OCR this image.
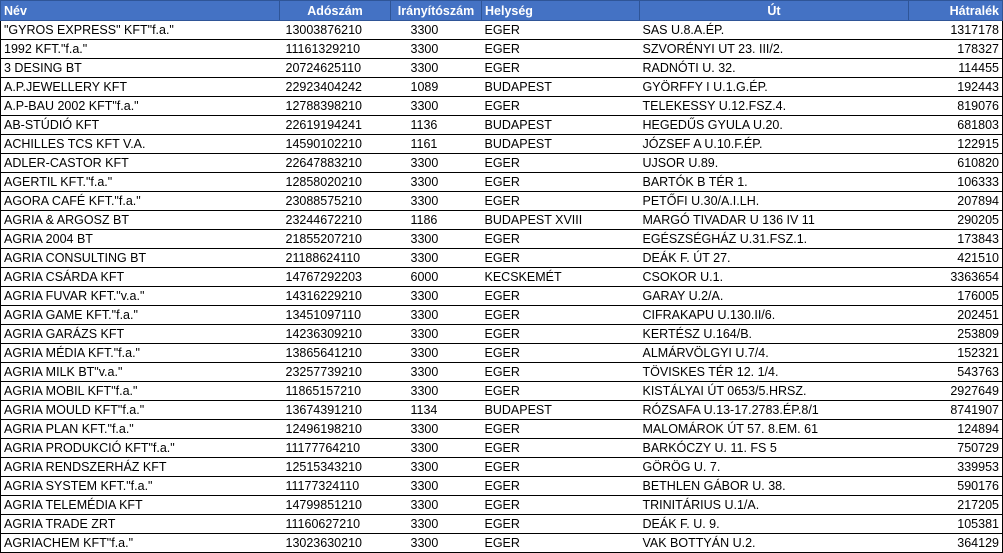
Név	Adószám	Irányítószám	Helység	Út	Hátralék
"GYROS EXPRESS" KFT"f.a."	13003876210	3300	EGER	SAS U.8.A.ÉP.	1317178
1992 KFT."f.a."	11161329210	3300	EGER	SZVORÉNYI UT 23. III/2.	178327
3 DESING BT	20724625110	3300	EGER	RADNÓTI U. 32.	114455
A.P.JEWELLERY KFT	22923404242	1089	BUDAPEST	GYÖRFFY I U.1.G.ÉP.	192443
A.P-BAU 2002 KFT"f.a."	12788398210	3300	EGER	TELEKESSY U.12.FSZ.4.	819076
AB-STÚDIÓ KFT	22619194241	1136	BUDAPEST	HEGEDŰS GYULA U.20.	681803
ACHILLES TCS KFT V.A.	14590102210	1161	BUDAPEST	JÓZSEF A U.10.F.ÉP.	122915
ADLER-CASTOR KFT	22647883210	3300	EGER	UJSOR U.89.	610820
AGERTIL KFT."f.a."	12858020210	3300	EGER	BARTÓK B TÉR 1.	106333
AGORA CAFÉ KFT."f.a."	23088575210	3300	EGER	PETŐFI U.30/A.I.LH.	207894
AGRIA & ARGOSZ BT	23244672210	1186	BUDAPEST XVIII	MARGÓ TIVADAR U 136 IV 11	290205
AGRIA 2004 BT	21855207210	3300	EGER	EGÉSZSÉGHÁZ U.31.FSZ.1.	173843
AGRIA CONSULTING BT	21188624110	3300	EGER	DEÁK F. ÚT 27.	421510
AGRIA CSÁRDA KFT	14767292203	6000	KECSKEMÉT	CSOKOR U.1.	3363654
AGRIA FUVAR KFT."v.a."	14316229210	3300	EGER	GARAY U.2/A.	176005
AGRIA GAME KFT."f.a."	13451097110	3300	EGER	CIFRAKAPU U.130.II/6.	202451
AGRIA GARÁZS KFT	14236309210	3300	EGER	KERTÉSZ U.164/B.	253809
AGRIA MÉDIA KFT."f.a."	13865641210	3300	EGER	ALMÁRVÖLGYI U.7/4.	152321
AGRIA MILK BT"v.a."	23257739210	3300	EGER	TÖVISKES TÉR 12. 1/4.	543763
AGRIA MOBIL KFT"f.a."	11865157210	3300	EGER	KISTÁLYAI ÚT 0653/5.HRSZ.	2927649
AGRIA MOULD KFT"f.a."	13674391210	1134	BUDAPEST	RÓZSAFA U.13-17.2783.ÉP.8/1	8741907
AGRIA PLAN KFT."f.a."	12496198210	3300	EGER	MALOMÁROK ÚT 57. 8.EM. 61	124894
AGRIA PRODUKCIÓ KFT"f.a."	11177764210	3300	EGER	BARKÓCZY U. 11. FS 5	750729
AGRIA RENDSZERHÁZ KFT	12515343210	3300	EGER	GÖRÖG U. 7.	339953
AGRIA SYSTEM KFT."f.a."	11177324110	3300	EGER	BETHLEN GÁBOR U. 38.	590176
AGRIA TELEMÉDIA KFT	14799851210	3300	EGER	TRINITÁRIUS U.1/A.	217205
AGRIA TRADE ZRT	11160627210	3300	EGER	DEÁK F. U. 9.	105381
AGRIACHEM KFT"f.a."	13023630210	3300	EGER	VAK BOTTYÁN U.2.	364129
